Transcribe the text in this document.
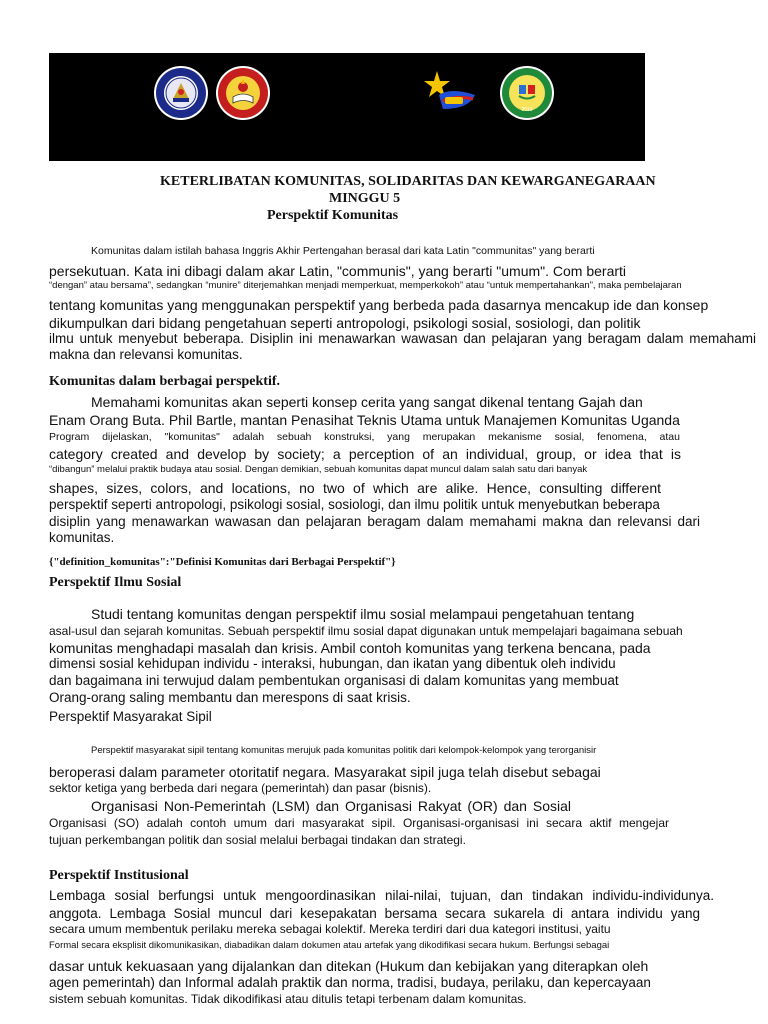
2019
KETERLIBATAN KOMUNITAS, SOLIDARITAS DAN KEWARGANEGARAAN
MINGGU 5
Perspektif Komunitas

Komunitas dalam istilah bahasa Inggris Akhir Pertengahan berasal dari kata Latin "communitas" yang berarti

persekutuan. Kata ini dibagi dalam akar Latin, "communis", yang berarti "umum". Com berarti

“dengan” atau bersama”, sedangkan “munire” diterjemahkan menjadi memperkuat, memperkokoh” atau “untuk mempertahankan”, maka pembelajaran

tentang komunitas yang menggunakan perspektif yang berbeda pada dasarnya mencakup ide dan konsep

dikumpulkan dari bidang pengetahuan seperti antropologi, psikologi sosial, sosiologi, dan politik

ilmu untuk menyebut beberapa. Disiplin ini menawarkan wawasan dan pelajaran yang beragam dalam memahami

makna dan relevansi komunitas.

Komunitas dalam berbagai perspektif.

Memahami komunitas akan seperti konsep cerita yang sangat dikenal tentang Gajah dan

Enam Orang Buta. Phil Bartle, mantan Penasihat Teknis Utama untuk Manajemen Komunitas Uganda

Program dijelaskan, "komunitas" adalah sebuah konstruksi, yang merupakan mekanisme sosial, fenomena, atau

category created and develop by society; a perception of an individual, group, or idea that is

“dibangun” melalui praktik budaya atau sosial. Dengan demikian, sebuah komunitas dapat muncul dalam salah satu dari banyak

shapes, sizes, colors, and locations, no two of which are alike. Hence, consulting different

perspektif seperti antropologi, psikologi sosial, sosiologi, dan ilmu politik untuk menyebutkan beberapa

disiplin yang menawarkan wawasan dan pelajaran beragam dalam memahami makna dan relevansi dari

komunitas.

{"definition_komunitas":"Definisi Komunitas dari Berbagai Perspektif"}
Perspektif Ilmu Sosial

Studi tentang komunitas dengan perspektif ilmu sosial melampaui pengetahuan tentang

asal-usul dan sejarah komunitas. Sebuah perspektif ilmu sosial dapat digunakan untuk mempelajari bagaimana sebuah

komunitas menghadapi masalah dan krisis. Ambil contoh komunitas yang terkena bencana, pada

dimensi sosial kehidupan individu - interaksi, hubungan, dan ikatan yang dibentuk oleh individu

dan bagaimana ini terwujud dalam pembentukan organisasi di dalam komunitas yang membuat

Orang-orang saling membantu dan merespons di saat krisis.

Perspektif Masyarakat Sipil

Perspektif masyarakat sipil tentang komunitas merujuk pada komunitas politik dari kelompok-kelompok yang terorganisir

beroperasi dalam parameter otoritatif negara. Masyarakat sipil juga telah disebut sebagai

sektor ketiga yang berbeda dari negara (pemerintah) dan pasar (bisnis).

Organisasi Non-Pemerintah (LSM) dan Organisasi Rakyat (OR) dan Sosial

Organisasi (SO) adalah contoh umum dari masyarakat sipil. Organisasi-organisasi ini secara aktif mengejar

tujuan perkembangan politik dan sosial melalui berbagai tindakan dan strategi.

Perspektif Institusional

Lembaga sosial berfungsi untuk mengoordinasikan nilai-nilai, tujuan, dan tindakan individu-individunya.

anggota. Lembaga Sosial muncul dari kesepakatan bersama secara sukarela di antara individu yang

secara umum membentuk perilaku mereka sebagai kolektif. Mereka terdiri dari dua kategori institusi, yaitu

Formal secara eksplisit dikomunikasikan, diabadikan dalam dokumen atau artefak yang dikodifikasi secara hukum. Berfungsi sebagai

dasar untuk kekuasaan yang dijalankan dan ditekan (Hukum dan kebijakan yang diterapkan oleh

agen pemerintah) dan Informal adalah praktik dan norma, tradisi, budaya, perilaku, dan kepercayaan

sistem sebuah komunitas. Tidak dikodifikasi atau ditulis tetapi terbenam dalam komunitas.
